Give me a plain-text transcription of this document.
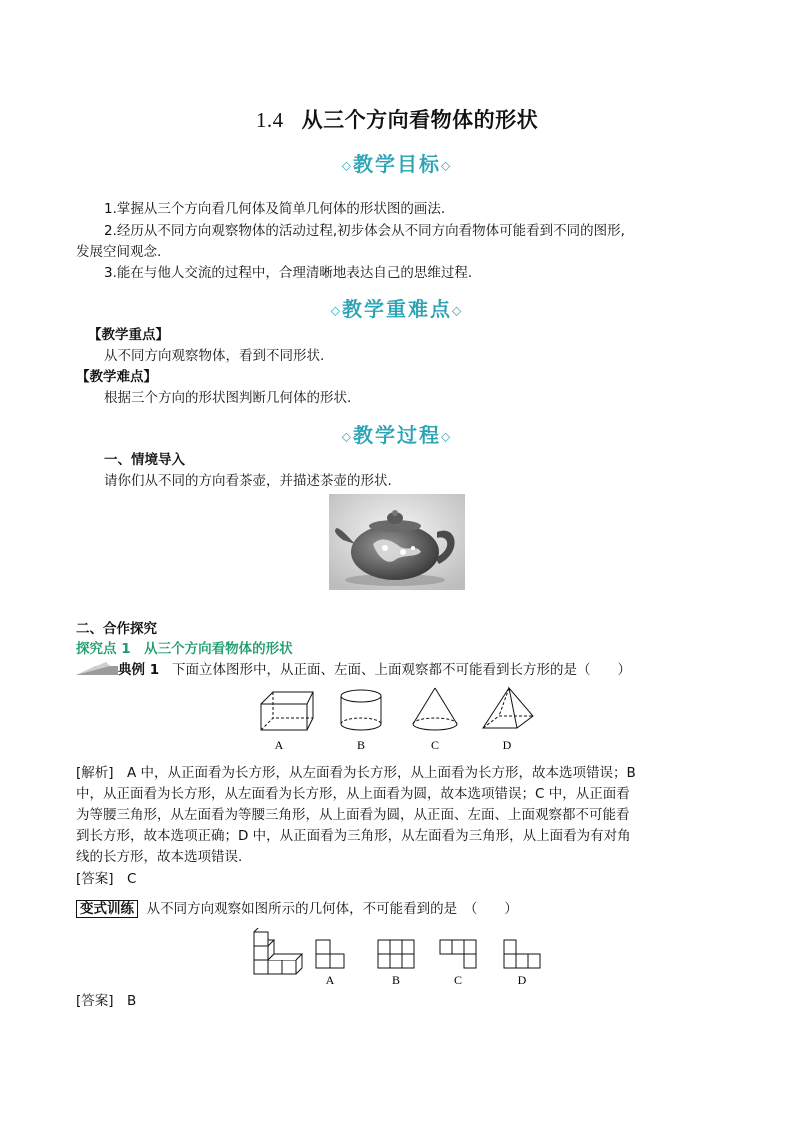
1.4 从三个方向看物体的形状
◇教学目标◇
1.掌握从三个方向看几何体及简单几何体的形状图的画法.
2.经历从不同方向观察物体的活动过程,初步体会从不同方向看物体可能看到不同的图形,
发展空间观念.
3.能在与他人交流的过程中，合理清晰地表达自己的思维过程.
◇教学重难点◇
【教学重点】
从不同方向观察物体，看到不同形状.
【教学难点】
根据三个方向的形状图判断几何体的形状.
◇教学过程◇
一、情境导入
请你们从不同的方向看茶壶，并描述茶壶的形状.
二、合作探究
探究点 1　从三个方向看物体的形状
典例 1 下面立体图形中，从正面、左面、上面观察都不可能看到长方形的是（　　）
A	B	C	D
[解析]　A 中，从正面看为长方形，从左面看为长方形，从上面看为长方形，故本选项错误；B
中，从正面看为长方形，从左面看为长方形，从上面看为圆，故本选项错误；C 中，从正面看
为等腰三角形，从左面看为等腰三角形，从上面看为圆，从正面、左面、上面观察都不可能看
到长方形，故本选项正确；D 中，从正面看为三角形，从左面看为三角形，从上面看为有对角
线的长方形，故本选项错误.
[答案]　C
变式训练 从不同方向观察如图所示的几何体，不可能看到的是　（　　）
A	B	C	D
[答案]　B
